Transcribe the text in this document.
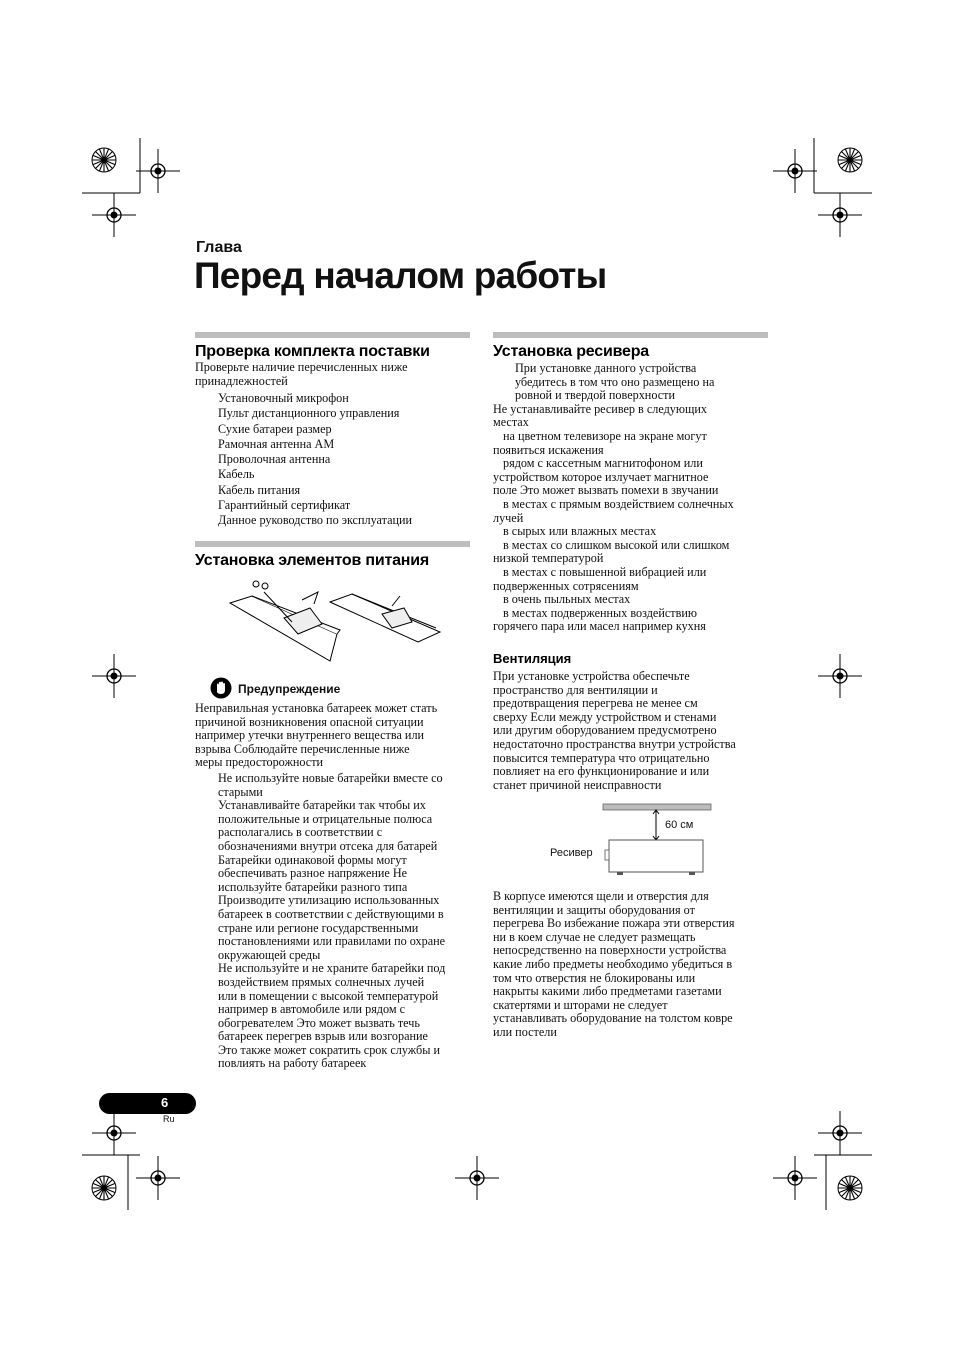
Глава
Перед началом работы
Проверка комплекта поставки
Проверьте наличие перечисленных ниже
принадлежностей
Установочный микрофон
Пульт дистанционного управления
Сухие батареи размер
Рамочная антенна AM
Проволочная антенна
Кабель
Кабель питания
Гарантийный сертификат
Данное руководство по эксплуатации
Установка элементов питания
Предупреждение
Неправильная установка батареек может стать
причиной возникновения опасной ситуации
например утечки внутреннего вещества или
взрыва Соблюдайте перечисленные ниже
меры предосторожности
Не используйте новые батарейки вместе со
старыми
Устанавливайте батарейки так чтобы их
положительные и отрицательные полюса
располагались в соответствии с
обозначениями внутри отсека для батарей
Батарейки одинаковой формы могут
обеспечивать разное напряжение Не
используйте батарейки разного типа
Производите утилизацию использованных
батареек в соответствии с действующими в
стране или регионе государственными
постановлениями или правилами по охране
окружающей среды
Не используйте и не храните батарейки под
воздействием прямых солнечных лучей
или в помещении с высокой температурой
например в автомобиле или рядом с
обогревателем Это может вызвать течь
батареек перегрев взрыв или возгорание
Это также может сократить срок службы и
повлиять на работу батареек
Установка ресивера
При установке данного устройства
убедитесь в том что оно размещено на
ровной и твердой поверхности
Не устанавливайте ресивер в следующих
местах
на цветном телевизоре на экране могут
появиться искажения
рядом с кассетным магнитофоном или
устройством которое излучает магнитное
поле Это может вызвать помехи в звучании
в местах с прямым воздействием солнечных
лучей
в сырых или влажных местах
в местах со слишком высокой или слишком
низкой температурой
в местах с повышенной вибрацией или
подверженных сотрясениям
в очень пыльных местах
в местах подверженных воздействию
горячего пара или масел например кухня
Вентиляция
При установке устройства обеспечьте
пространство для вентиляции и
предотвращения перегрева не менее см
сверху Если между устройством и стенами
или другим оборудованием предусмотрено
недостаточно пространства внутри устройства
повысится температура что отрицательно
повлияет на его функционирование и или
станет причиной неисправности
60 см
Ресивер
В корпусе имеются щели и отверстия для
вентиляции и защиты оборудования от
перегрева Во избежание пожара эти отверстия
ни в коем случае не следует размещать
непосредственно на поверхности устройства
какие либо предметы необходимо убедиться в
том что отверстия не блокированы или
накрыты какими либо предметами газетами
скатертями и шторами не следует
устанавливать оборудование на толстом ковре
или постели
6
Ru
